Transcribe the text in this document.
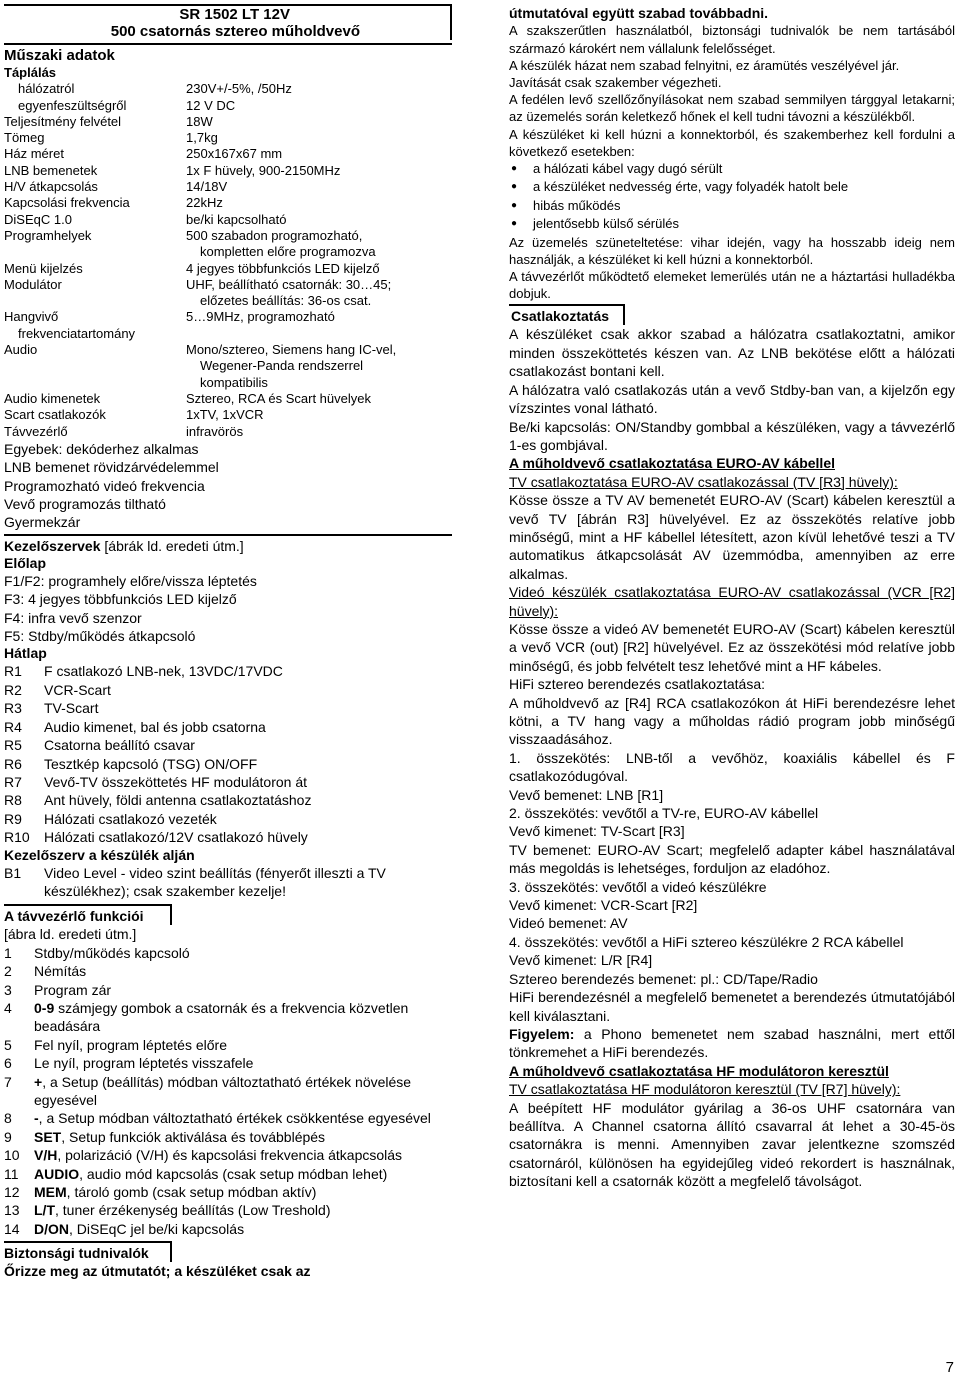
SR 1502 LT 12V
500 csatornás sztereo műholdvevő
Műszaki adatok
Táplálás
hálózatról	230V+/-5%, /50Hz
egyenfeszültségről	12 V DC
Teljesítmény felvétel	18W
Tömeg	1,7kg
Ház méret	250x167x67 mm
LNB bemenetek	1x F hüvely, 900-2150MHz
H/V átkapcsolás	14/18V
Kapcsolási frekvencia	22kHz
DiSEqC 1.0	be/ki kapcsolható
Programhelyek	500 szabadon programozható,
kompletten előre programozva
Menü kijelzés	4 jegyes többfunkciós LED kijelző
Modulátor	UHF, beállítható csatornák: 30…45;
előzetes beállítás: 36-os csat.
Hangvivő	5…9MHz, programozható
frekvenciatartomány
Audio	Mono/sztereo, Siemens hang IC-vel,
Wegener-Panda rendszerrel
kompatibilis
Audio kimenetek	Sztereo, RCA és Scart hüvelyek
Scart csatlakozók	1xTV, 1xVCR
Távvezérlő	infravörös
Egyebek: dekóderhez alkalmas
LNB bemenet rövidzárvédelemmel
Programozható videó frekvencia
Vevő programozás tiltható
Gyermekzár
Kezelőszervek [ábrák ld. eredeti útm.]
Előlap
F1/F2: programhely előre/vissza léptetés
F3: 4 jegyes többfunkciós LED kijelző
F4: infra vevő szenzor
F5: Stdby/működés átkapcsoló
Hátlap
R1	F csatlakozó LNB-nek, 13VDC/17VDC
R2	VCR-Scart
R3	TV-Scart
R4	Audio kimenet, bal és jobb csatorna
R5	Csatorna beállító csavar
R6	Tesztkép kapcsoló (TSG) ON/OFF
R7	Vevő-TV összeköttetés HF modulátoron át
R8	Ant hüvely, földi antenna csatlakoztatáshoz
R9	Hálózati csatlakozó vezeték
R10	Hálózati csatlakozó/12V csatlakozó hüvely
Kezelőszerv a készülék alján
B1	Video Level - video szint beállítás (fényerőt illeszti a TV készülékhez); csak szakember kezelje!
A távvezérlő funkciói
[ábra ld. eredeti útm.]
1	Stdby/működés kapcsoló
2	Némítás
3	Program zár
4	0-9 számjegy gombok a csatornák és a frekvencia közvetlen beadására
5	Fel nyíl, program léptetés előre
6	Le nyíl, program léptetés visszafele
7	+, a Setup (beállítás) módban változtatható értékek növelése egyesével
8	-, a Setup módban változtatható értékek csökkentése egyesével
9	SET, Setup funkciók aktiválása és továbblépés
10	V/H, polarizáció (V/H) és kapcsolási frekvencia átkapcsolás
11	AUDIO, audio mód kapcsolás (csak setup módban lehet)
12	MEM, tároló gomb (csak setup módban aktív)
13	L/T, tuner érzékenység beállítás (Low Treshold)
14	D/ON, DiSEqC jel be/ki kapcsolás
Biztonsági tudnivalók
Őrizze meg az útmutatót; a készüléket csak az
útmutatóval együtt szabad továbbadni.
A szakszerűtlen használatból, biztonsági tudnivalók be nem tartásából származó károkért nem vállalunk felelősséget.
A készülék házat nem szabad felnyitni, ez áramütés veszélyével jár.
Javítását csak szakember végezheti.
A fedélen levő szellőzőnyílásokat nem szabad semmilyen tárggyal letakarni; az üzemelés során keletkező hőnek el kell tudni távozni a készülékből.
A készüléket ki kell húzni a konnektorból, és szakemberhez kell fordulni a következő esetekben:
●	a hálózati kábel vagy dugó sérült
●	a készüléket nedvesség érte, vagy folyadék hatolt bele
●	hibás működés
●	jelentősebb külső sérülés
Az üzemelés szüneteltetése: vihar idején, vagy ha hosszabb ideig nem használják, a készüléket ki kell húzni a konnektorból.
A távvezérlőt működtető elemeket lemerülés után ne a háztartási hulladékba dobjuk.
Csatlakoztatás
A készüléket csak akkor szabad a hálózatra csatlakoztatni, amikor minden összeköttetés készen van. Az LNB bekötése előtt a hálózati csatlakozást bontani kell.
A hálózatra való csatlakozás után a vevő Stdby-ban van, a kijelzőn egy vízszintes vonal látható.
Be/ki kapcsolás: ON/Standby gombbal a készüléken, vagy a távvezérlő 1-es gombjával.
A műholdvevő csatlakoztatása EURO-AV kábellel
TV csatlakoztatása EURO-AV csatlakozással (TV [R3] hüvely):
Kösse össze a TV AV bemenetét EURO-AV (Scart) kábelen keresztül a vevő TV [ábrán R3] hüvelyével. Ez az összekötés relatíve jobb minőségű, mint a HF kábellel létesített, azon kívül lehetővé teszi a TV automatikus átkapcsolását AV üzemmódba, amennyiben az erre alkalmas.
Videó készülék csatlakoztatása EURO-AV csatlakozással (VCR [R2] hüvely):
Kösse össze a videó AV bemenetét EURO-AV (Scart) kábelen keresztül a vevő VCR (out) [R2] hüvelyével. Ez az összekötési mód relatíve jobb minőségű, és jobb felvételt tesz lehetővé mint a HF kábeles.
HiFi sztereo berendezés csatlakoztatása:
A műholdvevő az [R4] RCA csatlakozókon át HiFi berendezésre lehet kötni, a TV hang vagy a műholdas rádió program jobb minőségű visszaadásához.
1. összekötés: LNB-től a vevőhöz, koaxiális kábellel és F csatlakozódugóval.
Vevő bemenet: LNB [R1]
2. összekötés: vevőtől a TV-re, EURO-AV kábellel
Vevő kimenet: TV-Scart [R3]
TV bemenet: EURO-AV Scart; megfelelő adapter kábel használatával más megoldás is lehetséges, forduljon az eladóhoz.
3. összekötés: vevőtől a videó készülékre
Vevő kimenet: VCR-Scart [R2]
Videó bemenet: AV
4. összekötés: vevőtől a HiFi sztereo készülékre 2 RCA kábellel
Vevő kimenet: L/R [R4]
Sztereo berendezés bemenet: pl.: CD/Tape/Radio
HiFi berendezésnél a megfelelő bemenetet a berendezés útmutatójából kell kiválasztani.
Figyelem: a Phono bemenetet nem szabad használni, mert ettől tönkremehet a HiFi berendezés.
A műholdvevő csatlakoztatása HF modulátoron keresztül
TV csatlakoztatása HF modulátoron keresztül (TV [R7] hüvely):
A beépített HF modulátor gyárilag a 36-os UHF csatornára van beállítva. A Channel csatorna állító csavarral át lehet a 30-45-ös csatornákra is menni. Amennyiben zavar jelentkezne szomszéd csatornáról, különösen ha egyidejűleg videó rekordert is használnak, biztosítani kell a csatornák között a megfelelő távolságot.
7
